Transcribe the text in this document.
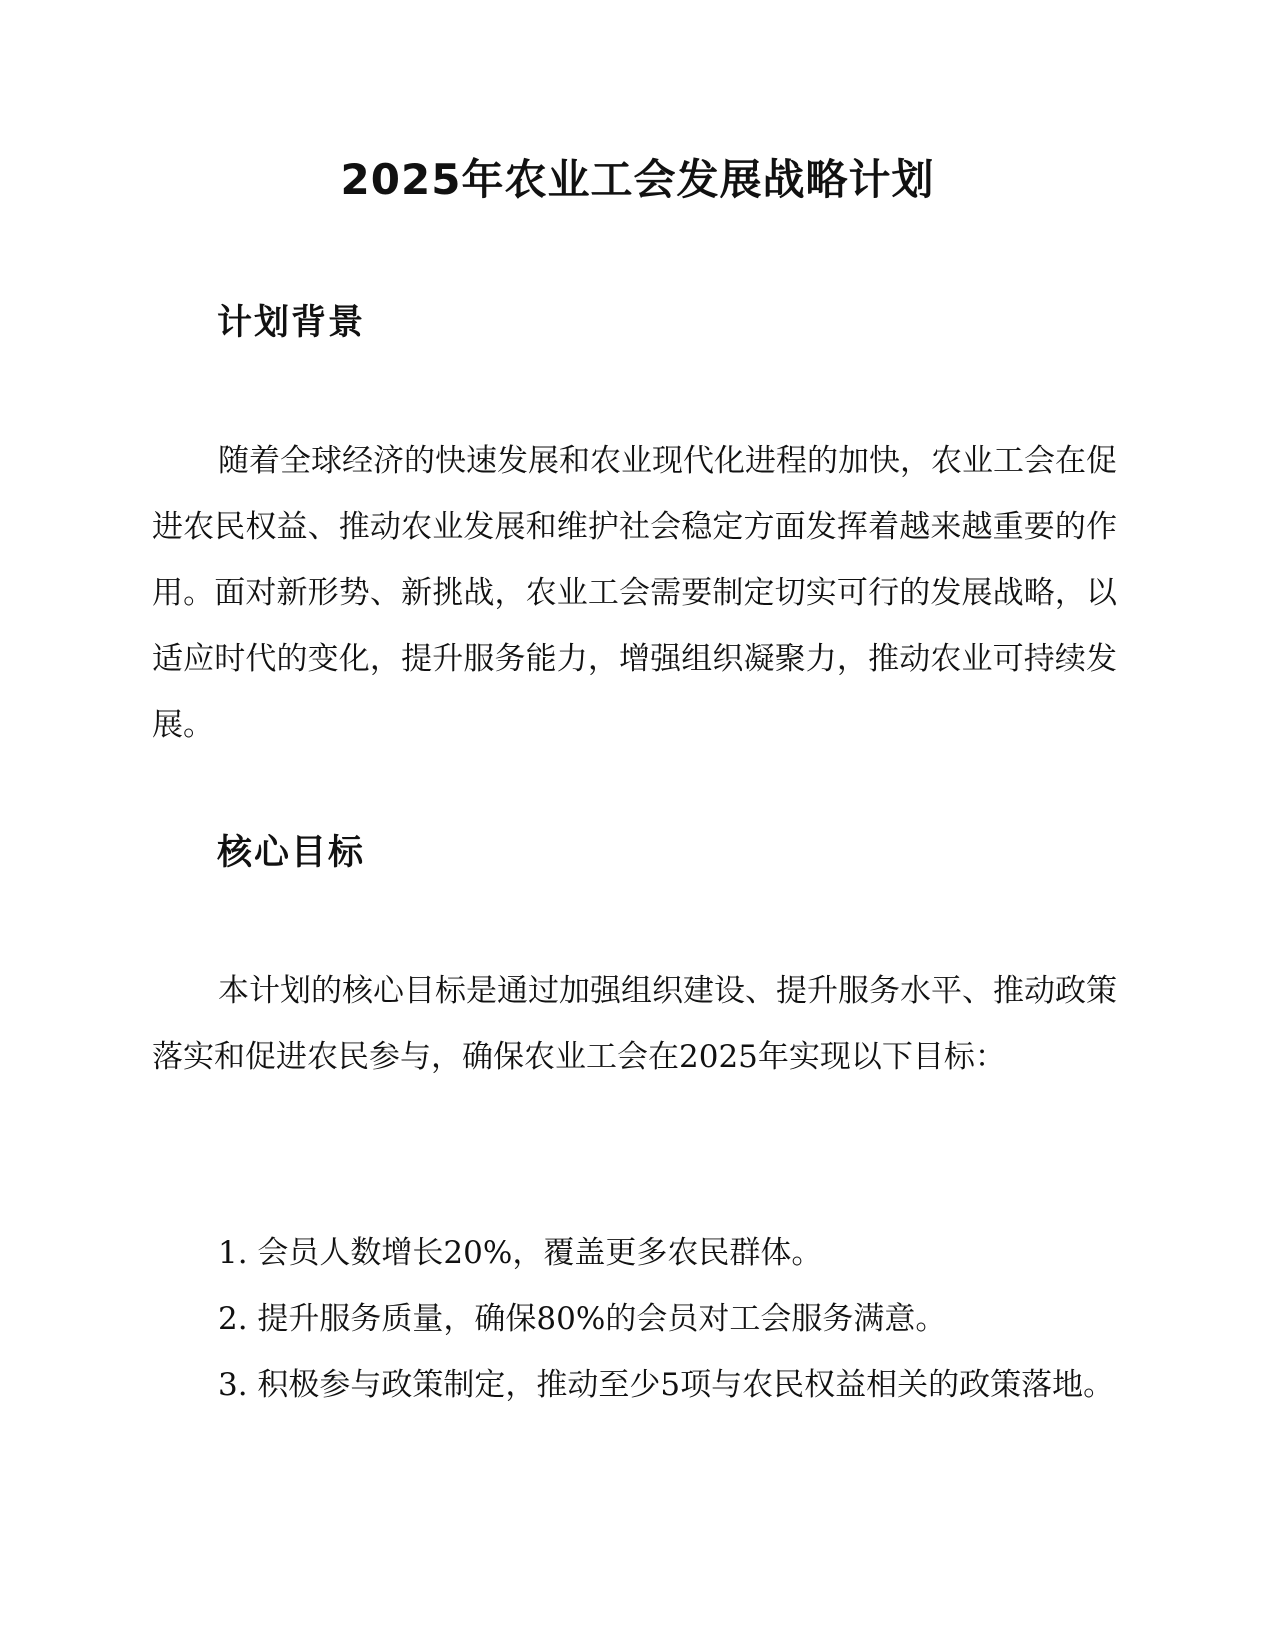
2025年农业工会发展战略计划
计划背景

随着全球经济的快速发展和农业现代化进程的加快，农业工会在促进农民权益、推动农业发展和维护社会稳定方面发挥着越来越重要的作用。面对新形势、新挑战，农业工会需要制定切实可行的发展战略，以适应时代的变化，提升服务能力，增强组织凝聚力，推动农业可持续发展。

核心目标

本计划的核心目标是通过加强组织建设、提升服务水平、推动政策落实和促进农民参与，确保农业工会在2025年实现以下目标：

1. 会员人数增长20%，覆盖更多农民群体。
2. 提升服务质量，确保80%的会员对工会服务满意。
3. 积极参与政策制定，推动至少5项与农民权益相关的政策落地。
